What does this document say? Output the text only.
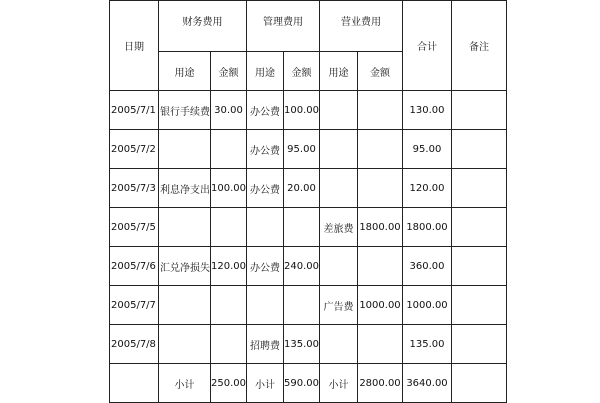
日期	财务费用		管理费用		营业费用		合计	备注
	用途	金额	用途	金额	用途	金额		
2005/7/1	银行手续费	30.00	办公费	100.00			130.00	
2005/7/2			办公费	95.00			95.00	
2005/7/3	利息净支出	100.00	办公费	20.00			120.00	
2005/7/5					差旅费	1800.00	1800.00	
2005/7/6	汇兑净损失	120.00	办公费	240.00			360.00	
2005/7/7					广告费	1000.00	1000.00	
2005/7/8			招聘费	135.00			135.00	
	小计	250.00	小计	590.00	小计	2800.00	3640.00	
